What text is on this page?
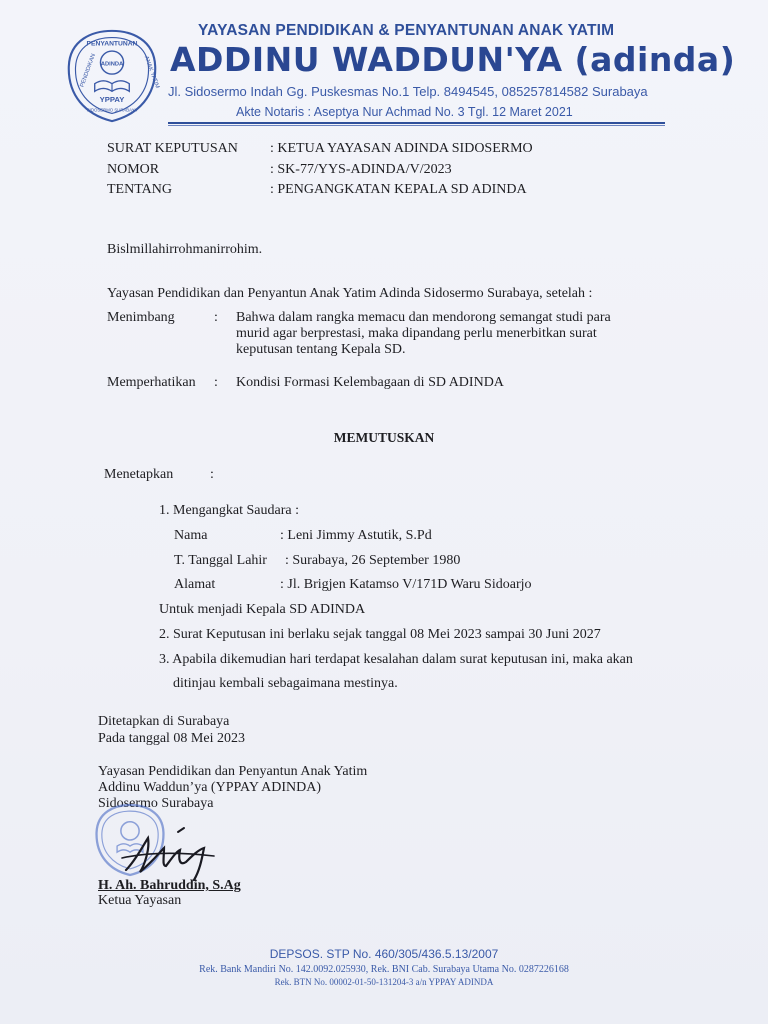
PENYANTUNAN
PENDIDIKAN	ANAK YATIM
ADINDA
YPPAY
SIDOSERMO SURABAYA
YAYASAN PENDIDIKAN & PENYANTUNAN ANAK YATIM
ADDINU WADDUN'YA (adinda)
Jl. Sidosermo Indah Gg. Puskesmas No.1 Telp. 8494545, 085257814582 Surabaya
Akte Notaris : Aseptya Nur Achmad No. 3 Tgl. 12 Maret 2021
SURAT KEPUTUSAN : KETUA YAYASAN ADINDA SIDOSERMO
NOMOR	: SK-77/YYS-ADINDA/V/2023
TENTANG	: PENGANGKATAN KEPALA SD ADINDA
Bislmillahirrohmanirrohim.
Yayasan Pendidikan dan Penyantun Anak Yatim Adinda Sidosermo Surabaya, setelah :
Menimbang	: Bahwa dalam rangka memacu dan mendorong semangat studi para
murid agar berprestasi, maka dipandang perlu menerbitkan surat
keputusan tentang Kepala SD.
Memperhatikan : Kondisi Formasi Kelembagaan di SD ADINDA
MEMUTUSKAN
Menetapkan	:
1. Mengangkat Saudara :
Nama	: Leni Jimmy Astutik, S.Pd
T. Tanggal Lahir : Surabaya, 26 September 1980
Alamat	: Jl. Brigjen Katamso V/171D Waru Sidoarjo
Untuk menjadi Kepala SD ADINDA
2. Surat Keputusan ini berlaku sejak tanggal 08 Mei 2023 sampai 30 Juni 2027
3. Apabila dikemudian hari terdapat kesalahan dalam surat keputusan ini, maka akan
ditinjau kembali sebagaimana mestinya.
Ditetapkan di Surabaya
Pada tanggal 08 Mei 2023
Yayasan Pendidikan dan Penyantun Anak Yatim
Addinu Waddun’ya (YPPAY ADINDA)
Sidosermo Surabaya
H. Ah. Bahruddin, S.Ag
Ketua Yayasan
DEPSOS. STP No. 460/305/436.5.13/2007
Rek. Bank Mandiri No. 142.0092.025930, Rek. BNI Cab. Surabaya Utama No. 0287226168
Rek. BTN No. 00002-01-50-131204-3 a/n YPPAY ADINDA
